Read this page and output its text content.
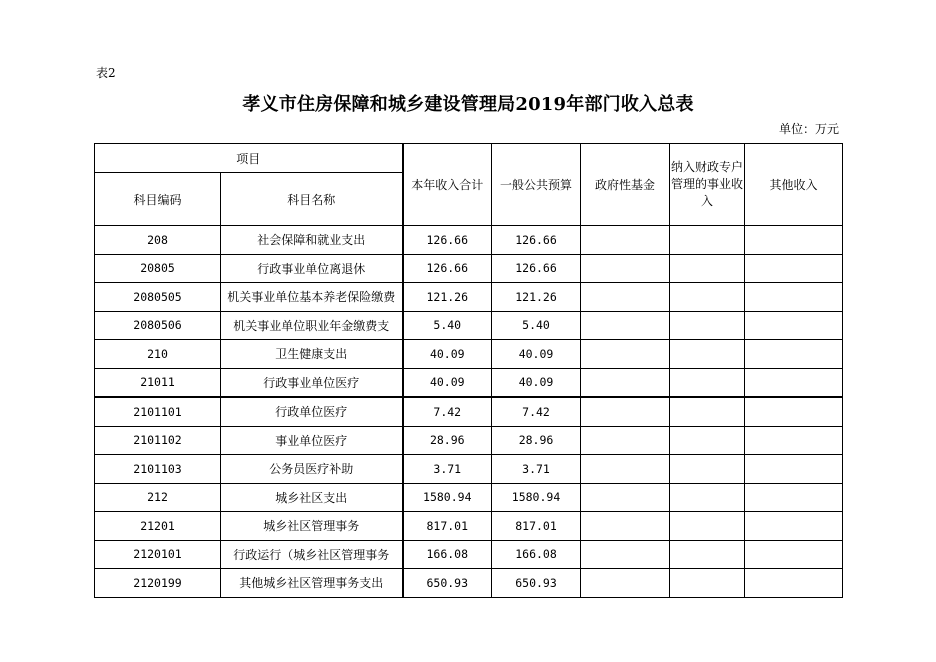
表2
孝义市住房保障和城乡建设管理局2019年部门收入总表
单位：万元
项目		本年收入合计	一般公共预算	政府性基金	纳入财政专户管理的事业收入	其他收入
科目编码	科目名称					
208	社会保障和就业支出	126.66	126.66			
20805	行政事业单位离退休	126.66	126.66			
2080505	机关事业单位基本养老保险缴费	121.26	121.26			
2080506	机关事业单位职业年金缴费支	5.40	5.40			
210	卫生健康支出	40.09	40.09			
21011	行政事业单位医疗	40.09	40.09			
2101101	行政单位医疗	7.42	7.42			
2101102	事业单位医疗	28.96	28.96			
2101103	公务员医疗补助	3.71	3.71			
212	城乡社区支出	1580.94	1580.94			
21201	城乡社区管理事务	817.01	817.01			
2120101	行政运行（城乡社区管理事务	166.08	166.08			
2120199	其他城乡社区管理事务支出	650.93	650.93			
